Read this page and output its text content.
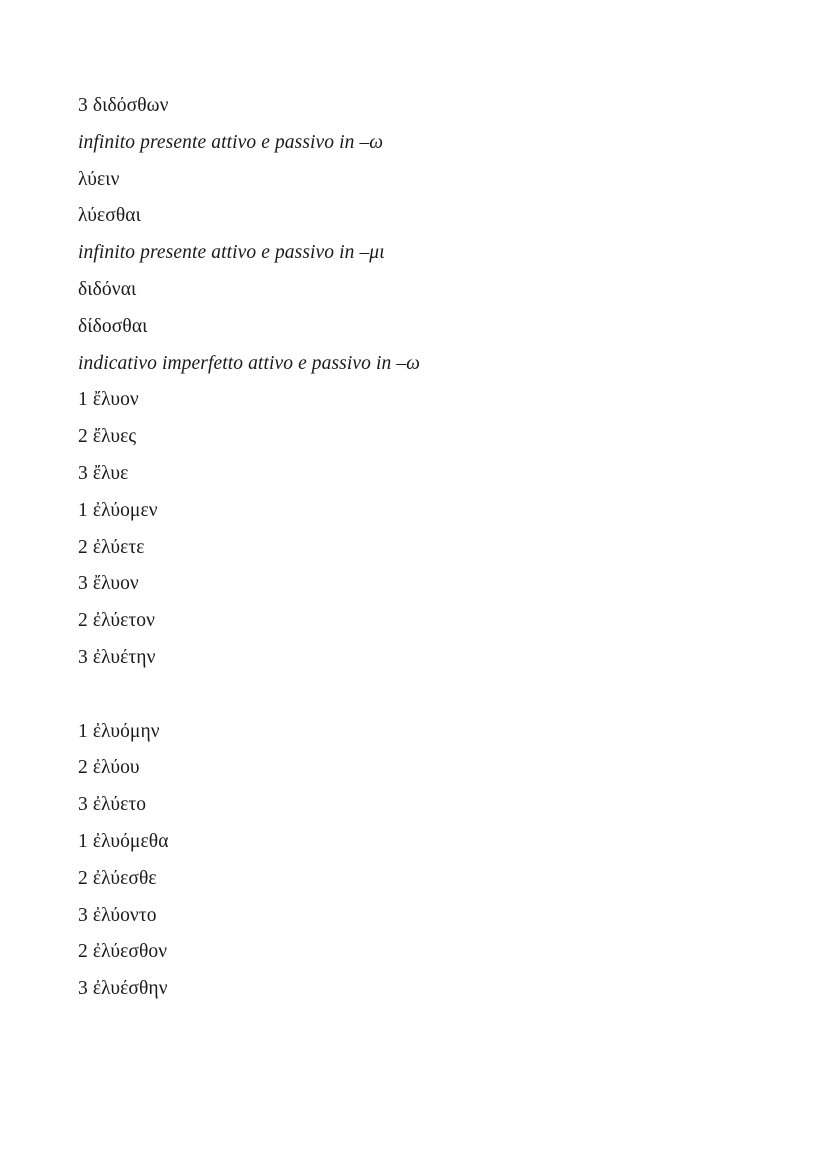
3 διδόσθων
infinito presente attivo e passivo in –ω
λύειν
λύεσθαι
infinito presente attivo e passivo in –μι
διδόναι
δίδοσθαι
indicativo imperfetto attivo e passivo in –ω
1 ἔλυον
2 ἔλυες
3 ἔλυε
1 ἐλύομεν
2 ἐλύετε
3 ἔλυον
2 ἐλύετον
3 ἐλυέτην
1 ἐλυόμην
2 ἐλύου
3 ἐλύετο
1 ἐλυόμεθα
2 ἐλύεσθε
3 ἐλύοντο
2 ἐλύεσθον
3 ἐλυέσθην
